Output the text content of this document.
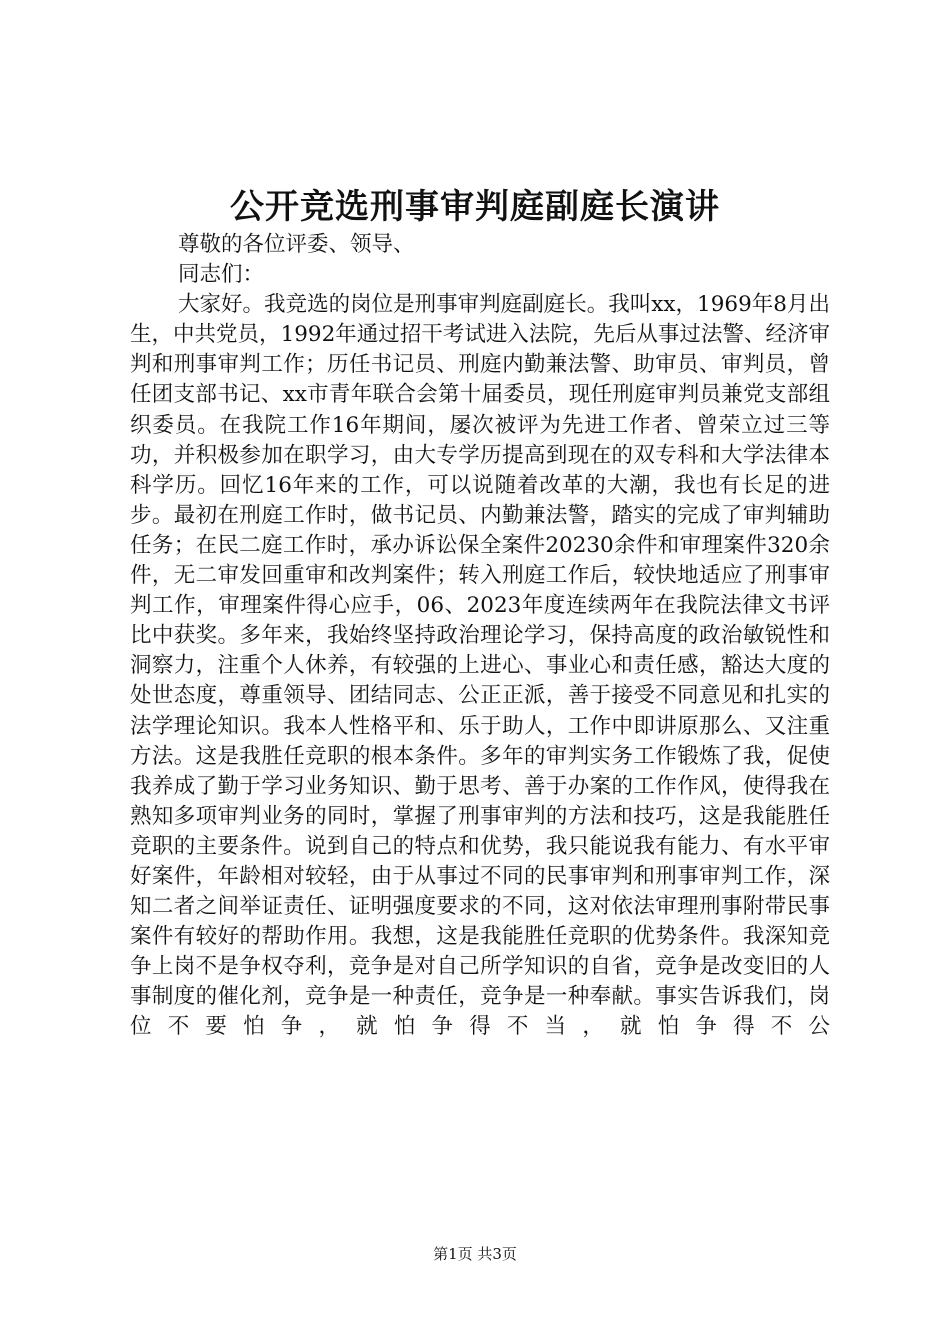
公开竞选刑事审判庭副庭长演讲
尊敬的各位评委、领导、
同志们：

大家好。我竞选的岗位是刑事审判庭副庭长。我叫xx，1969年8月出生，中共党员，1992年通过招干考试进入法院，先后从事过法警、经济审判和刑事审判工作；历任书记员、刑庭内勤兼法警、助审员、审判员，曾任团支部书记、xx市青年联合会第十届委员，现任刑庭审判员兼党支部组织委员。在我院工作16年期间，屡次被评为先进工作者、曾荣立过三等功，并积极参加在职学习，由大专学历提高到现在的双专科和大学法律本科学历。回忆16年来的工作，可以说随着改革的大潮，我也有长足的进步。最初在刑庭工作时，做书记员、内勤兼法警，踏实的完成了审判辅助任务；在民二庭工作时，承办诉讼保全案件20230余件和审理案件320余件，无二审发回重审和改判案件；转入刑庭工作后，较快地适应了刑事审判工作，审理案件得心应手，06、2023年度连续两年在我院法律文书评比中获奖。多年来，我始终坚持政治理论学习，保持高度的政治敏锐性和洞察力，注重个人休养，有较强的上进心、事业心和责任感，豁达大度的处世态度，尊重领导、团结同志、公正正派，善于接受不同意见和扎实的法学理论知识。我本人性格平和、乐于助人，工作中即讲原那么、又注重方法。这是我胜任竞职的根本条件。多年的审判实务工作锻炼了我，促使我养成了勤于学习业务知识、勤于思考、善于办案的工作作风，使得我在熟知多项审判业务的同时，掌握了刑事审判的方法和技巧，这是我能胜任竞职的主要条件。说到自己的特点和优势，我只能说我有能力、有水平审好案件，年龄相对较轻，由于从事过不同的民事审判和刑事审判工作，深知二者之间举证责任、证明强度要求的不同，这对依法审理刑事附带民事案件有较好的帮助作用。我想，这是我能胜任竞职的优势条件。我深知竞争上岗不是争权夺利，竞争是对自己所学知识的自省，竞争是改变旧的人事制度的催化剂，竞争是一种责任，竞争是一种奉献。事实告诉我们，岗位不要怕争，就怕争得不当，就怕争得不公

第1页 共3页
